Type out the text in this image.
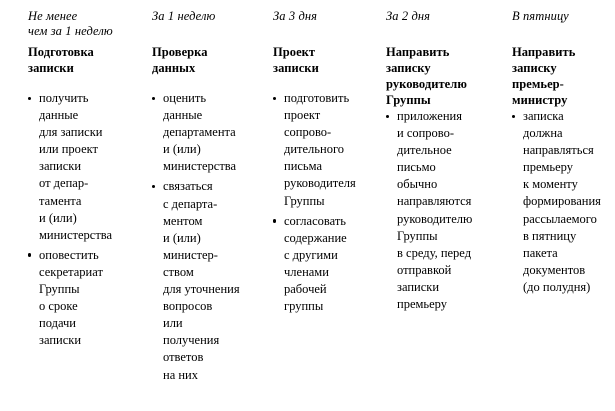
Не менее
чем за 1 неделю
Подготовка
записки
получить
данные
для записки
или проект
записки
от депар-
тамента
и (или)
министерства
оповестить
секретариат
Группы
о сроке
подачи
записки
За 1 неделю
Проверка
данных
оценить
данные
департамента
и (или)
министерства
связаться
с департа-
ментом
и (или)
министер-
ством
для уточнения
вопросов
или
получения
ответов
на них
За 3 дня
Проект
записки
подготовить
проект
сопрово-
дительного
письма
руководителя
Группы
согласовать
содержание
с другими
членами
рабочей
группы
За 2 дня
Направить
записку
руководителю
Группы
приложения
и сопрово-
дительное
письмо
обычно
направляются
руководителю
Группы
в среду, перед
отправкой
записки
премьеру
В пятницу
Направить
записку
премьер-
министру
записка
должна
направляться
премьеру
к моменту
формирования
рассылаемого
в пятницу
пакета
документов
(до полудня)
